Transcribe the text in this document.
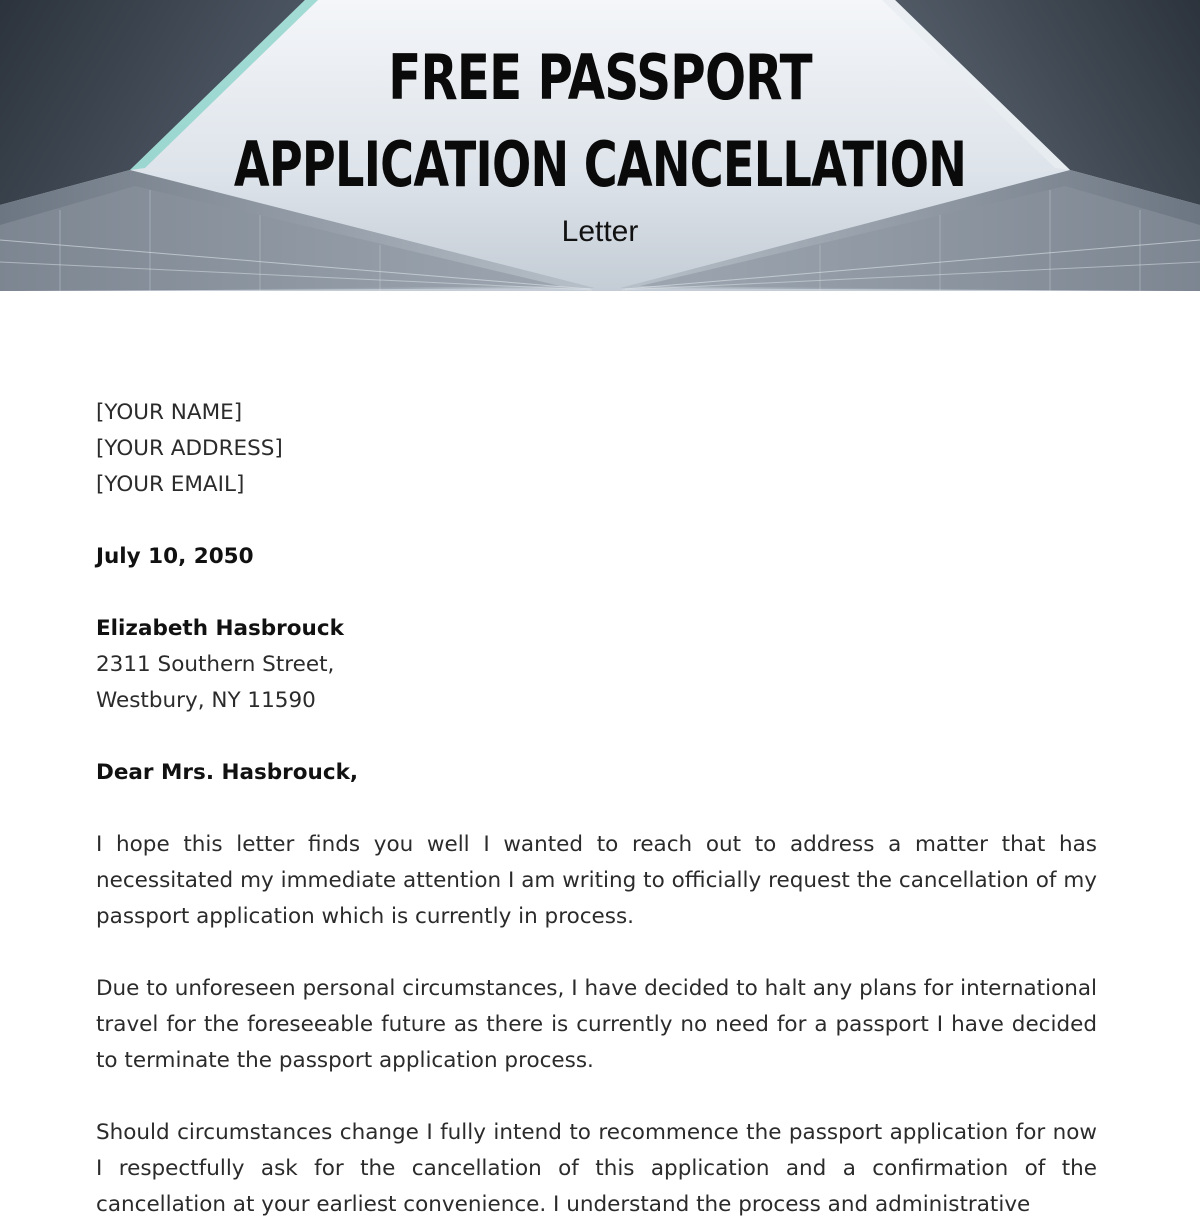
FREE PASSPORT
APPLICATION CANCELLATION
Letter
[YOUR NAME]
[YOUR ADDRESS]
[YOUR EMAIL]
July 10, 2050
Elizabeth Hasbrouck
2311 Southern Street,
Westbury, NY 11590
Dear Mrs. Hasbrouck,

I hope this letter finds you well I wanted to reach out to address a matter that has necessitated my immediate attention I am writing to officially request the cancellation of my passport application which is currently in process.

Due to unforeseen personal circumstances, I have decided to halt any plans for international travel for the foreseeable future as there is currently no need for a passport I have decided to terminate the passport application process.

Should circumstances change I fully intend to recommence the passport application for now I respectfully ask for the cancellation of this application and a confirmation of the cancellation at your earliest convenience. I understand the process and administrative
